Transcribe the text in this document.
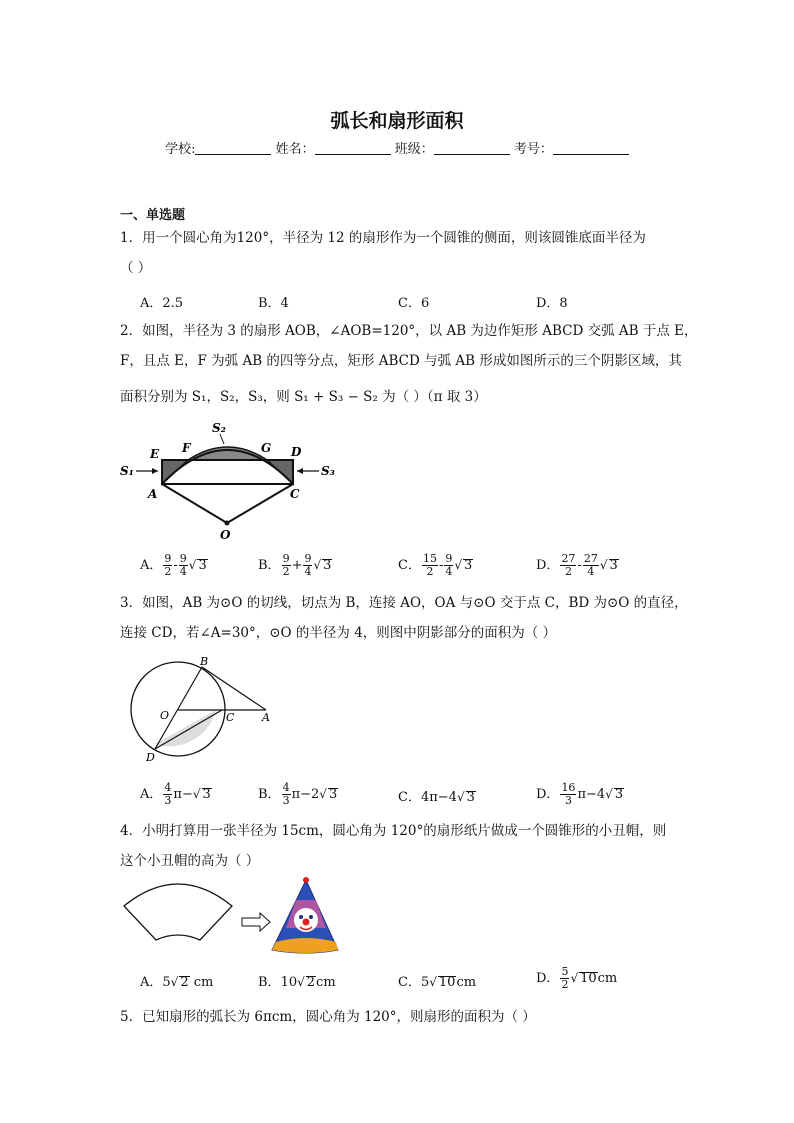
弧长和扇形面积
学校:	姓名：	班级：	考号：
一、单选题
1．用一个圆心角为120°，半径为 12 的扇形作为一个圆锥的侧面，则该圆锥底面半径为
（ ）
A．2.5	B．4	C．6	D．8
2．如图，半径为 3 的扇形 AOB，∠AOB=120°，以 AB 为边作矩形 ABCD 交弧 AB 于点 E，
F，且点 E，F 为弧 AB 的四等分点，矩形 ABCD 与弧 AB 形成如图所示的三个阴影区域，其
面积分别为 S₁，S₂，S₃，则 S₁ + S₃ − S₂ 为（ ）（π 取 3）
S₁
S₂
S₃
E F	G D
A	C
O
A． $\frac{9}{2} - \frac{9}{4}$ √ 3	B． $\frac{9}{2} + \frac{9}{4}$ √ 3	C． $\frac{15}{2} - \frac{9}{4}$ √ 3	D． $\frac{27}{2} - \frac{27}{4}$ √ 3
3．如图，AB 为⊙O 的切线，切点为 B，连接 AO，OA 与⊙O 交于点 C，BD 为⊙O 的直径，
连接 CD，若∠A=30°，⊙O 的半径为 4，则图中阴影部分的面积为（ ）
B
O	C	A
D
A． $\frac{4}{3} \pi-√$ 3	B． $\frac{4}{3} \pi-2√$ 3	C．4π−4√ 3	D． $\frac{16}{3} \pi-4√$ 3
4．小明打算用一张半径为 15cm，圆心角为 120°的扇形纸片做成一个圆锥形的小丑帽，则
这个小丑帽的高为（ ）
A．5√ 2 cm	B．10√ 2cm	C．5√ 10cm	D． $\frac{5}{2}$ √ 10cm
5．已知扇形的弧长为 6πcm，圆心角为 120°，则扇形的面积为（ ）
